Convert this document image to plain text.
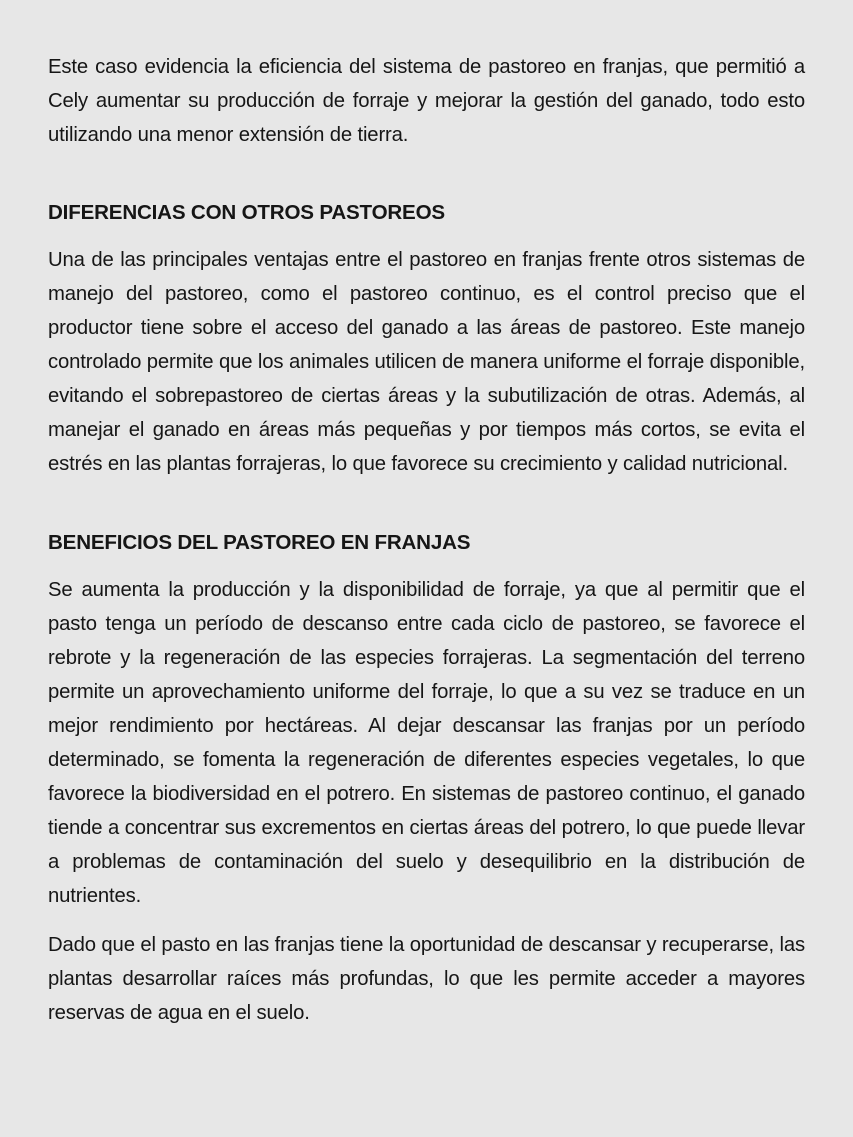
Este caso evidencia la eficiencia del sistema de pastoreo en franjas, que permitió a Cely aumentar su producción de forraje y mejorar la gestión del ganado, todo esto utilizando una menor extensión de tierra.

DIFERENCIAS CON OTROS PASTOREOS

Una de las principales ventajas entre el pastoreo en franjas frente otros sistemas de manejo del pastoreo, como el pastoreo continuo, es el control preciso que el productor tiene sobre el acceso del ganado a las áreas de pastoreo. Este manejo controlado permite que los animales utilicen de manera uniforme el forraje disponible, evitando el sobrepastoreo de ciertas áreas y la subutilización de otras. Además, al manejar el ganado en áreas más pequeñas y por tiempos más cortos, se evita el estrés en las plantas forrajeras, lo que favorece su crecimiento y calidad nutricional.

BENEFICIOS DEL PASTOREO EN FRANJAS

Se aumenta la producción y la disponibilidad de forraje, ya que al permitir que el pasto tenga un período de descanso entre cada ciclo de pastoreo, se favorece el rebrote y la regeneración de las especies forrajeras. La segmentación del terreno permite un aprovechamiento uniforme del forraje, lo que a su vez se traduce en un mejor rendimiento por hectáreas. Al dejar descansar las franjas por un período determinado, se fomenta la regeneración de diferentes especies vegetales, lo que favorece la biodiversidad en el potrero. En sistemas de pastoreo continuo, el ganado tiende a concentrar sus excrementos en ciertas áreas del potrero, lo que puede llevar a problemas de contaminación del suelo y desequilibrio en la distribución de nutrientes.

Dado que el pasto en las franjas tiene la oportunidad de descansar y recuperarse, las plantas desarrollar raíces más profundas, lo que les permite acceder a mayores reservas de agua en el suelo.
